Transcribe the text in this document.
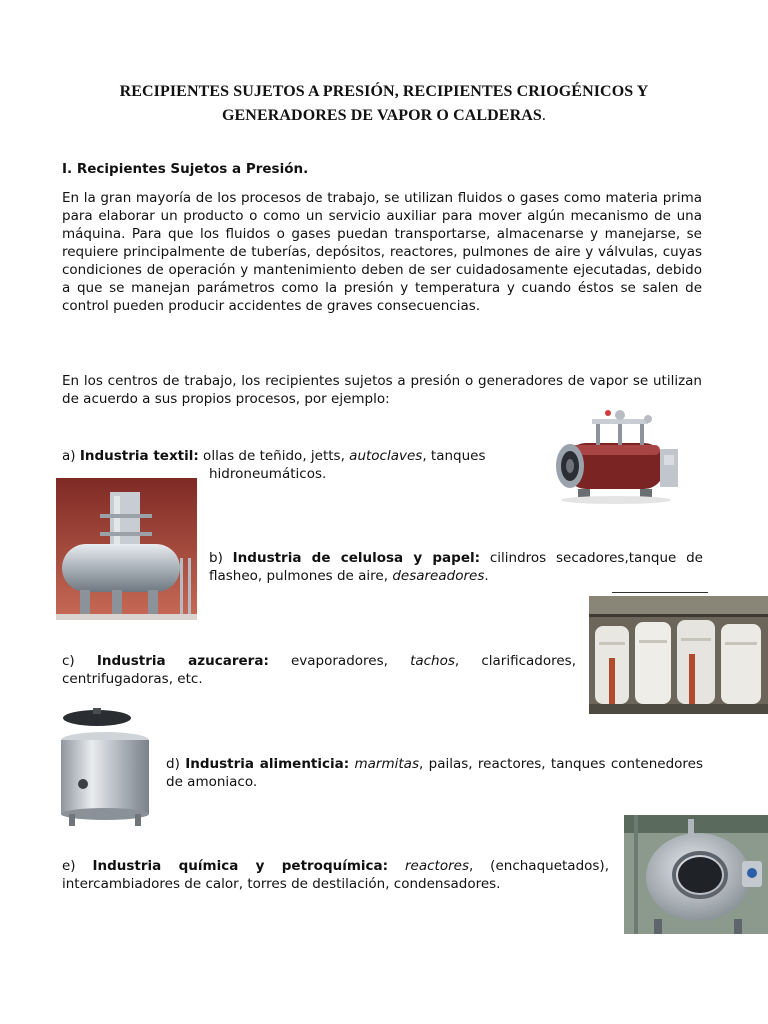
RECIPIENTES SUJETOS A PRESIÓN, RECIPIENTES CRIOGÉNICOS Y
GENERADORES DE VAPOR O CALDERAS.
I. Recipientes Sujetos a Presión.
En la gran mayoría de los procesos de trabajo, se utilizan fluidos o gases como materia prima para elaborar un producto o como un servicio auxiliar para mover algún mecanismo de una máquina. Para que los fluidos o gases puedan transportarse, almacenarse y manejarse, se requiere principalmente de tuberías, depósitos, reactores, pulmones de aire y válvulas, cuyas condiciones de operación y mantenimiento deben de ser cuidadosamente ejecutadas, debido a que se manejan parámetros como la presión y temperatura y cuando éstos se salen de control pueden producir accidentes de graves consecuencias.
En los centros de trabajo, los recipientes sujetos a presión o generadores de vapor se utilizan de acuerdo a sus propios procesos, por ejemplo:
a) Industria textil: ollas de teñido, jetts, autoclaves, tanques
hidroneumáticos.
b) Industria de celulosa y papel: cilindros secadores,tanque de flasheo, pulmones de aire, desareadores.
c) Industria azucarera: evaporadores, tachos, clarificadores, centrifugadoras, etc.
d) Industria alimenticia: marmitas, pailas, reactores, tanques contenedores de amoniaco.
e) Industria química y petroquímica: reactores, (enchaquetados), intercambiadores de calor, torres de destilación, condensadores.
